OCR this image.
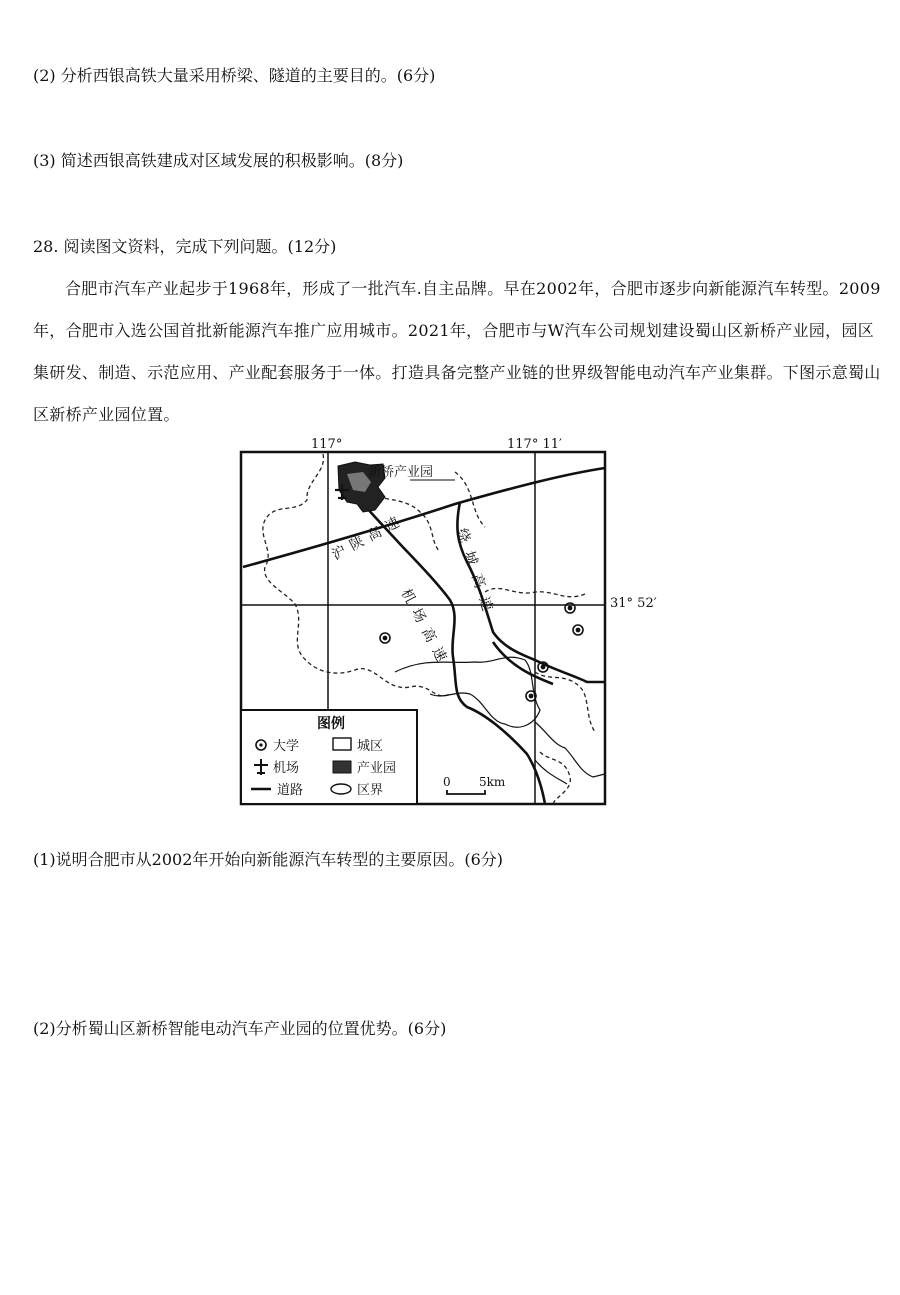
(2) 分析西银高铁大量采用桥梁、隧道的主要目的。(6分)
(3) 简述西银高铁建成对区域发展的积极影响。(8分)
28. 阅读图文资料，完成下列问题。(12分)
合肥市汽车产业起步于1968年，形成了一批汽车.自主品牌。早在2002年，合肥市逐步向新能源汽车转型。2009年，合肥市入选公国首批新能源汽车推广应用城市。2021年，合肥市与W汽车公司规划建设蜀山区新桥产业园，园区集研发、制造、示范应用、产业配套服务于一体。打造具备完整产业链的世界级智能电动汽车产业集群。下图示意蜀山区新桥产业园位置。
117°	117° 11′
31° 52′
新桥产业园
沪陕高速
机场高速
绕城高速
图例
大学	城区
机场	产业园
道路	区界
0 5km
(1)说明合肥市从2002年开始向新能源汽车转型的主要原因。(6分)
(2)分析蜀山区新桥智能电动汽车产业园的位置优势。(6分)
